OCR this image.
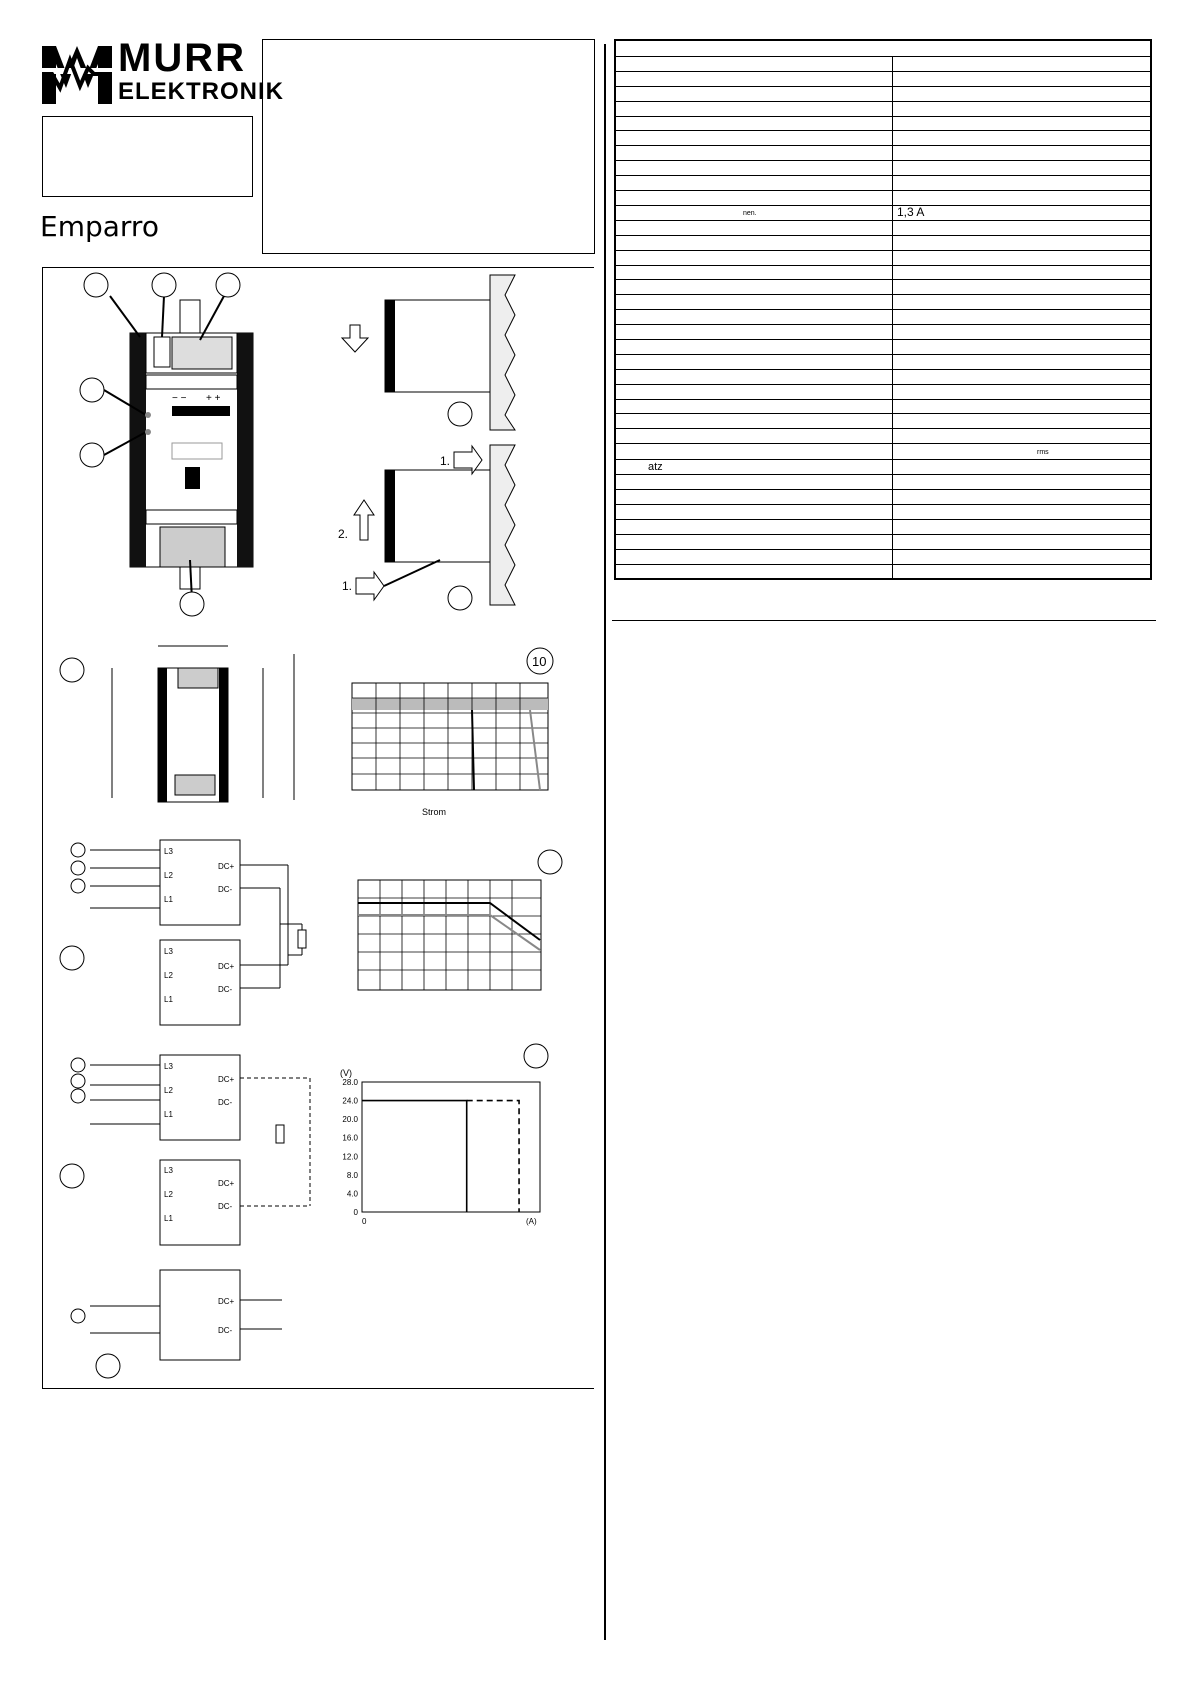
MURR
ELEKTRONIK
Emparro

		nen.	1,3 A

	rms
atz	

− − + +
1.
2.
1.
10
Strom
L3
L2
L1
L3
L2
L1
DC+
DC-
DC+
DC-
L3
L2
L1
L3
L2
L1
DC+
DC-
DC+
DC-
DC+
DC-
28.0
24.0
20.0
16.0
12.0
8.0
4.0
0
0
(V)
(A)
